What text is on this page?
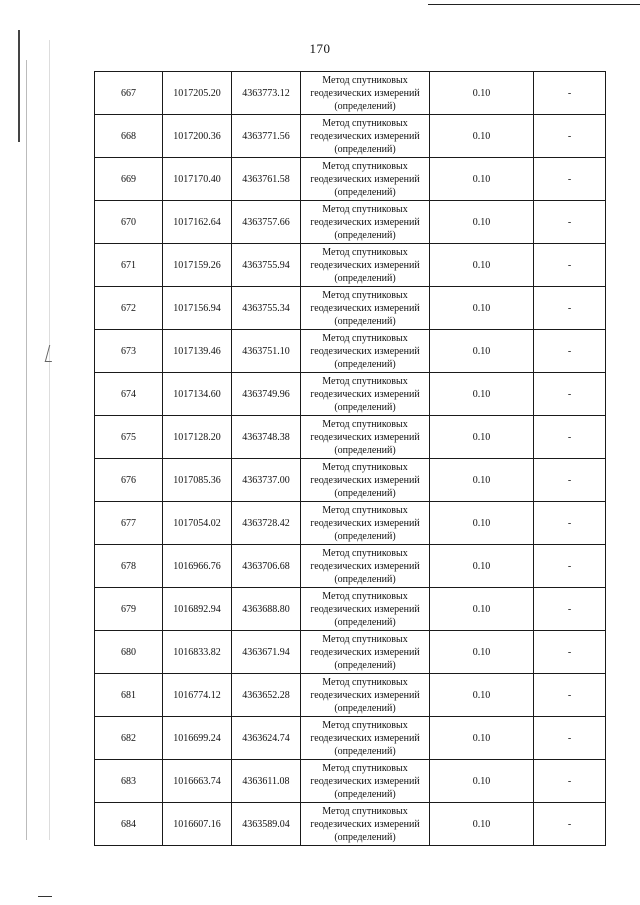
170
667	1017205.20	4363773.12	Метод спутниковых
геодезических измерений
(определений)	0.10	-
668	1017200.36	4363771.56	Метод спутниковых
геодезических измерений
(определений)	0.10	-
669	1017170.40	4363761.58	Метод спутниковых
геодезических измерений
(определений)	0.10	-
670	1017162.64	4363757.66	Метод спутниковых
геодезических измерений
(определений)	0.10	-
671	1017159.26	4363755.94	Метод спутниковых
геодезических измерений
(определений)	0.10	-
672	1017156.94	4363755.34	Метод спутниковых
геодезических измерений
(определений)	0.10	-
673	1017139.46	4363751.10	Метод спутниковых
геодезических измерений
(определений)	0.10	-
674	1017134.60	4363749.96	Метод спутниковых
геодезических измерений
(определений)	0.10	-
675	1017128.20	4363748.38	Метод спутниковых
геодезических измерений
(определений)	0.10	-
676	1017085.36	4363737.00	Метод спутниковых
геодезических измерений
(определений)	0.10	-
677	1017054.02	4363728.42	Метод спутниковых
геодезических измерений
(определений)	0.10	-
678	1016966.76	4363706.68	Метод спутниковых
геодезических измерений
(определений)	0.10	-
679	1016892.94	4363688.80	Метод спутниковых
геодезических измерений
(определений)	0.10	-
680	1016833.82	4363671.94	Метод спутниковых
геодезических измерений
(определений)	0.10	-
681	1016774.12	4363652.28	Метод спутниковых
геодезических измерений
(определений)	0.10	-
682	1016699.24	4363624.74	Метод спутниковых
геодезических измерений
(определений)	0.10	-
683	1016663.74	4363611.08	Метод спутниковых
геодезических измерений
(определений)	0.10	-
684	1016607.16	4363589.04	Метод спутниковых
геодезических измерений
(определений)	0.10	-
